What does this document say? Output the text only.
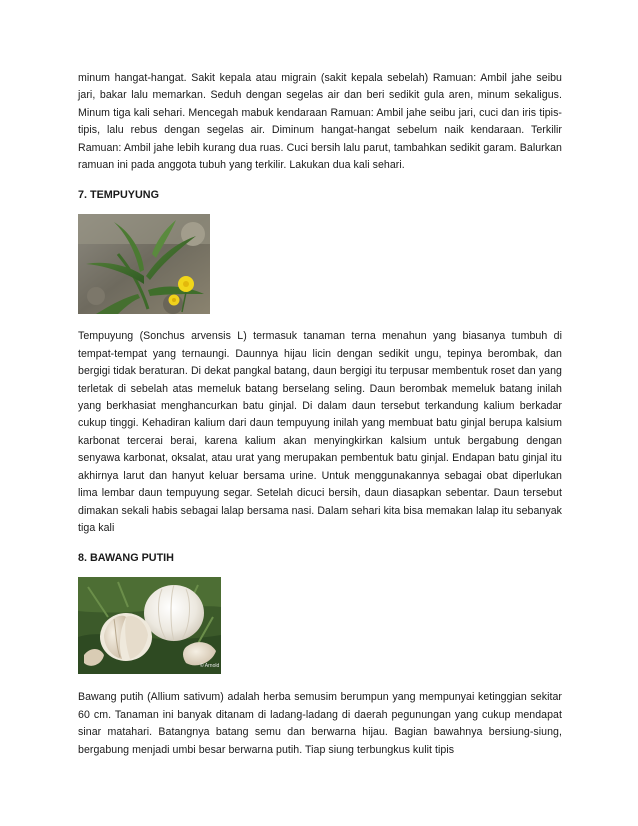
minum hangat-hangat. Sakit kepala atau migrain (sakit kepala sebelah) Ramuan: Ambil jahe seibu jari, bakar lalu memarkan. Seduh dengan segelas air dan beri sedikit gula aren, minum sekaligus. Minum tiga kali sehari. Mencegah mabuk kendaraan Ramuan: Ambil jahe seibu jari, cuci dan iris tipis-tipis, lalu rebus dengan segelas air. Diminum hangat-hangat sebelum naik kendaraan. Terkilir Ramuan: Ambil jahe lebih kurang dua ruas. Cuci bersih lalu parut, tambahkan sedikit garam. Balurkan ramuan ini pada anggota tubuh yang terkilir. Lakukan dua kali sehari.

7. TEMPUYUNG

Tempuyung (Sonchus arvensis L) termasuk tanaman terna menahun yang biasanya tumbuh di tempat-tempat yang ternaungi. Daunnya hijau licin dengan sedikit ungu, tepinya berombak, dan bergigi tidak beraturan. Di dekat pangkal batang, daun bergigi itu terpusar membentuk roset dan yang terletak di sebelah atas memeluk batang berselang seling. Daun berombak memeluk batang inilah yang berkhasiat menghancurkan batu ginjal. Di dalam daun tersebut terkandung kalium berkadar cukup tinggi. Kehadiran kalium dari daun tempuyung inilah yang membuat batu ginjal berupa kalsium karbonat tercerai berai, karena kalium akan menyingkirkan kalsium untuk bergabung dengan senyawa karbonat, oksalat, atau urat yang merupakan pembentuk batu ginjal. Endapan batu ginjal itu akhirnya larut dan hanyut keluar bersama urine. Untuk menggunakannya sebagai obat diperlukan lima lembar daun tempuyung segar. Setelah dicuci bersih, daun diasapkan sebentar. Daun tersebut dimakan sekali habis sebagai lalap bersama nasi. Dalam sehari kita bisa memakan lalap itu sebanyak tiga kali

8. BAWANG PUTIH

© Arnold

Bawang putih (Allium sativum) adalah herba semusim berumpun yang mempunyai ketinggian sekitar 60 cm. Tanaman ini banyak ditanam di ladang-ladang di daerah pegunungan yang cukup mendapat sinar matahari. Batangnya batang semu dan berwarna hijau. Bagian bawahnya bersiung-siung, bergabung menjadi umbi besar berwarna putih. Tiap siung terbungkus kulit tipis
